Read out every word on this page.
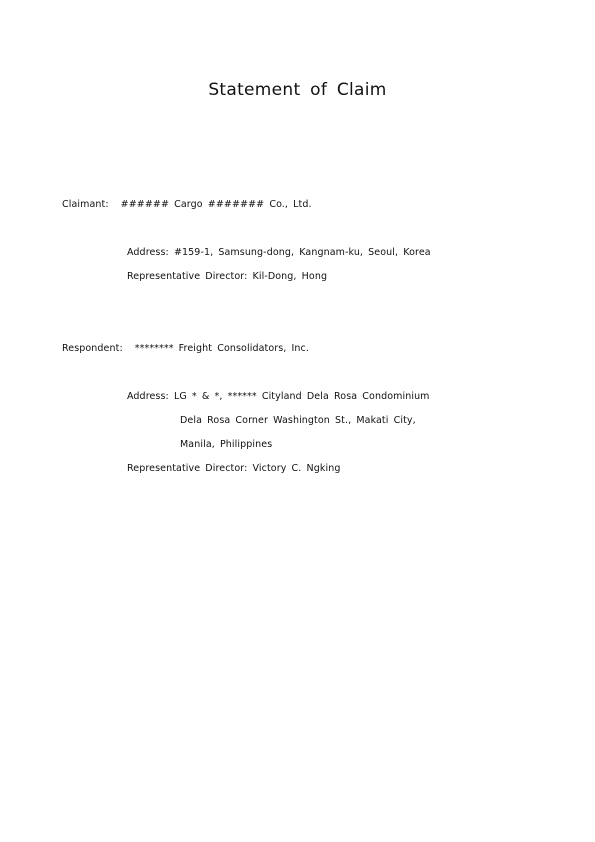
Statement of Claim
Claimant: ###### Cargo ####### Co., Ltd.
Address: #159-1, Samsung-dong, Kangnam-ku, Seoul, Korea
Representative Director: Kil-Dong, Hong
Respondent: ******** Freight Consolidators, Inc.
Address: LG * & *, ****** Cityland Dela Rosa Condominium
Dela Rosa Corner Washington St., Makati City,
Manila, Philippines
Representative Director: Victory C. Ngking
